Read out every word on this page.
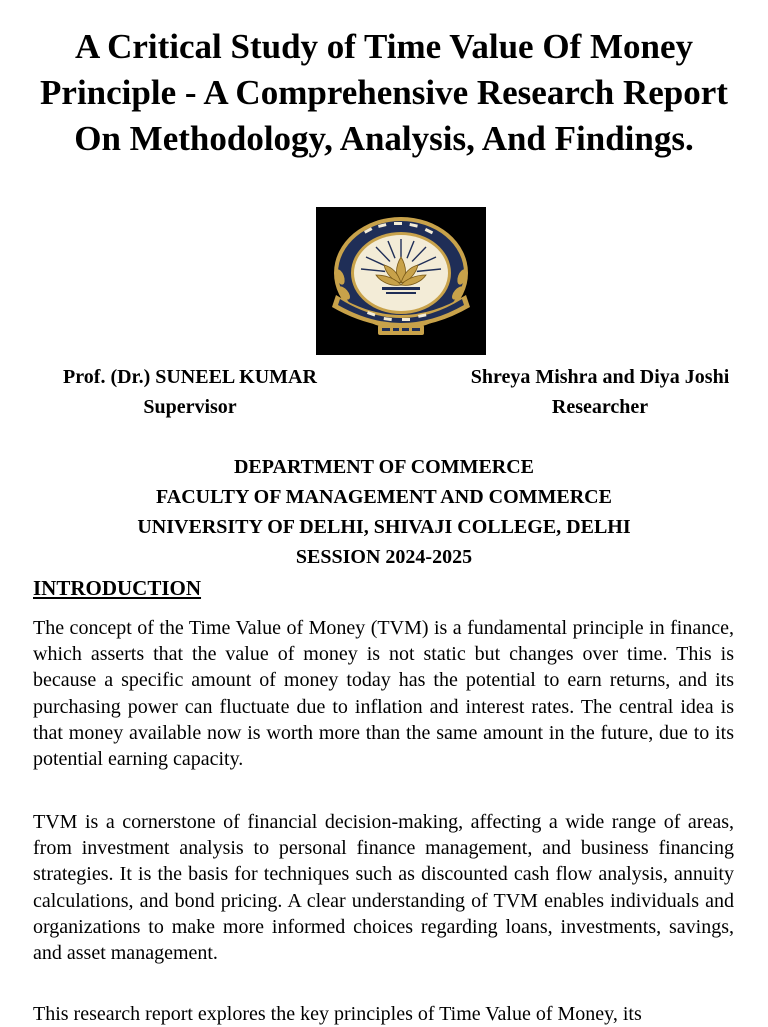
A Critical Study of Time Value Of Money Principle - A Comprehensive Research Report On Methodology, Analysis, And Findings.
Prof. (Dr.) SUNEEL KUMAR
Supervisor
Shreya Mishra and Diya Joshi
Researcher
DEPARTMENT OF COMMERCE
FACULTY OF MANAGEMENT AND COMMERCE
UNIVERSITY OF DELHI, SHIVAJI COLLEGE, DELHI
SESSION 2024-2025
INTRODUCTION

The concept of the Time Value of Money (TVM) is a fundamental principle in finance, which asserts that the value of money is not static but changes over time. This is because a specific amount of money today has the potential to earn returns, and its purchasing power can fluctuate due to inflation and interest rates. The central idea is that money available now is worth more than the same amount in the future, due to its potential earning capacity.

TVM is a cornerstone of financial decision-making, affecting a wide range of areas, from investment analysis to personal finance management, and business financing strategies. It is the basis for techniques such as discounted cash flow analysis, annuity calculations, and bond pricing. A clear understanding of TVM enables individuals and organizations to make more informed choices regarding loans, investments, savings, and asset management.

This research report explores the key principles of Time Value of Money, its
